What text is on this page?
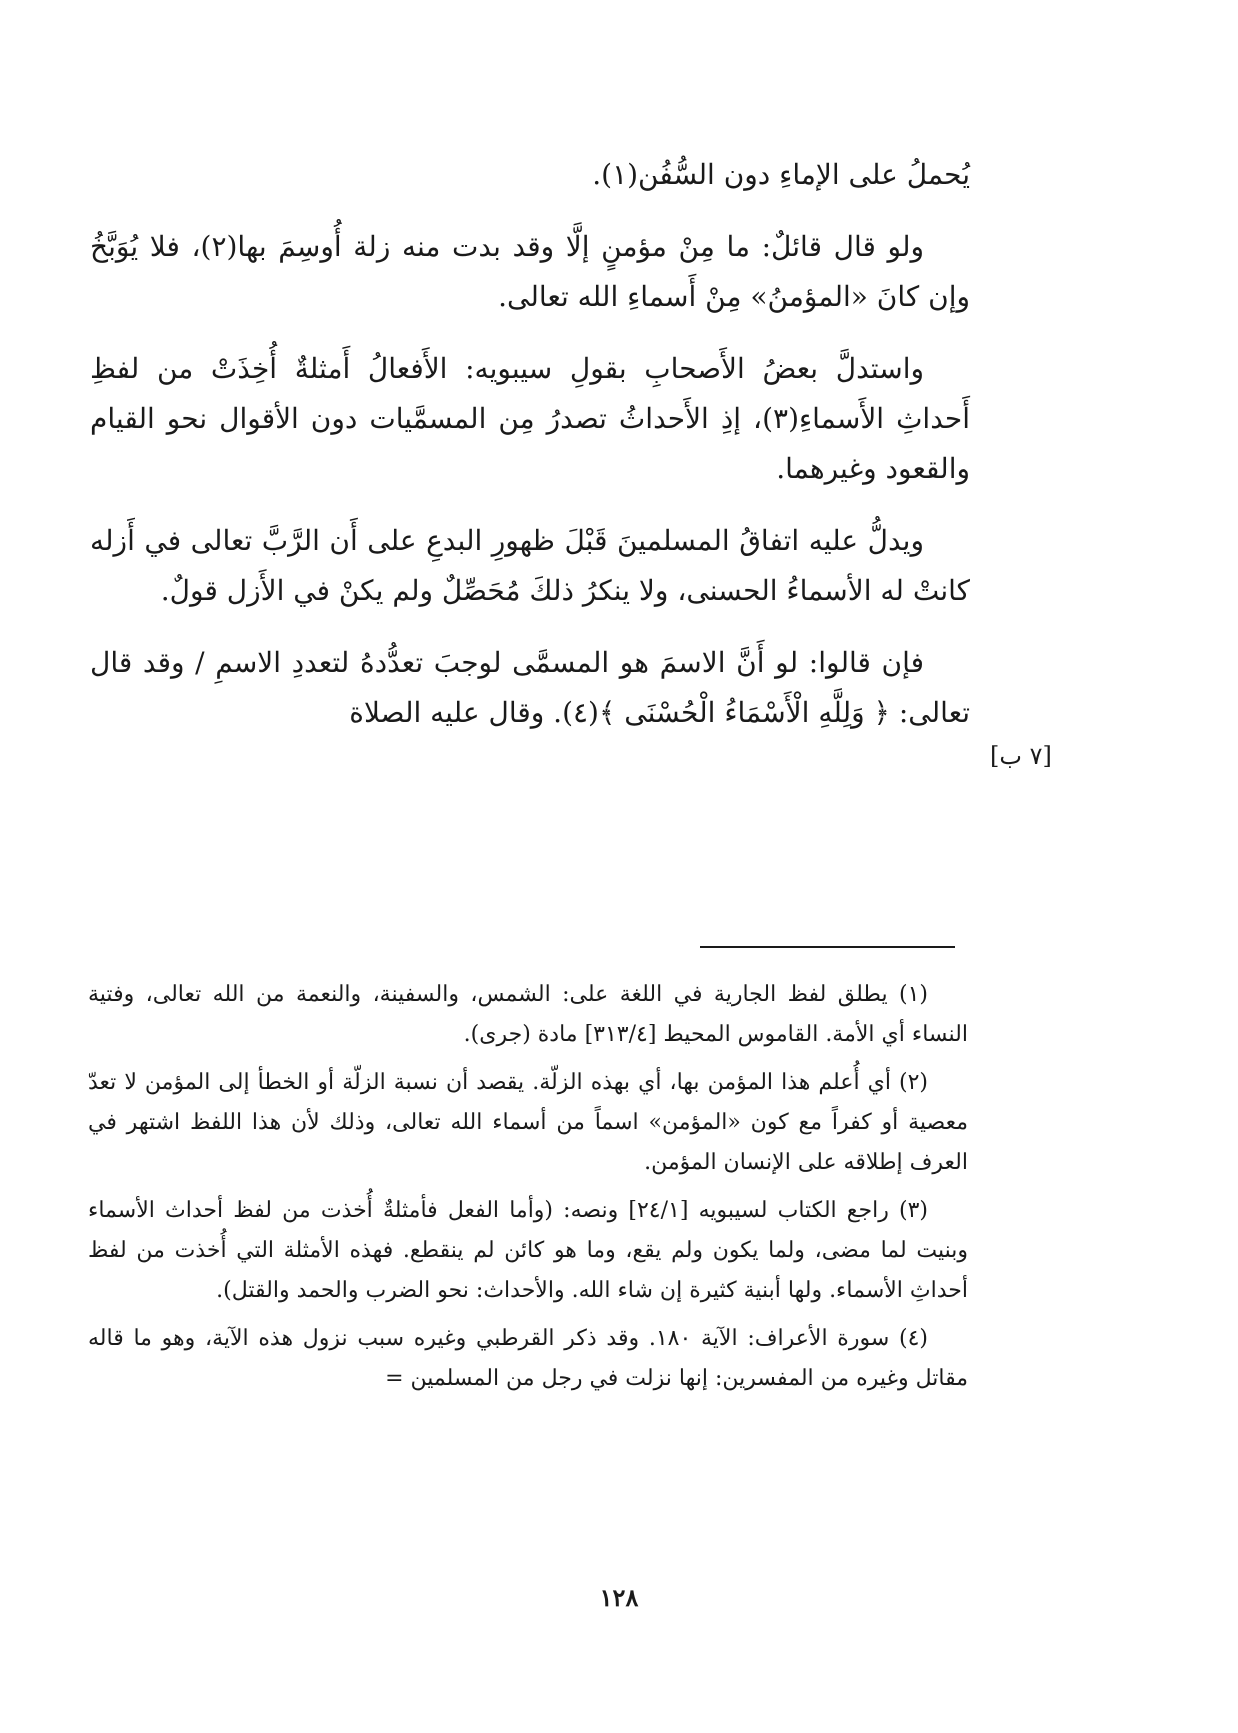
يُحملُ على الإماءِ دون السُّفُن(١).

ولو قال قائلٌ: ما مِنْ مؤمنٍ إلَّا وقد بدت منه زلة أُوسِمَ بها(٢)، فلا يُوَبَّخُ وإن كانَ «المؤمنُ» مِنْ أَسماءِ الله تعالى.

واستدلَّ بعضُ الأَصحابِ بقولِ سيبويه: الأَفعالُ أَمثلةٌ أُخِذَتْ من لفظِ أَحداثِ الأَسماءِ(٣)، إذِ الأَحداثُ تصدرُ مِن المسمَّيات دون الأقوال نحو القيام والقعود وغيرهما.

ويدلُّ عليه اتفاقُ المسلمينَ قَبْلَ ظهورِ البدعِ على أَن الرَّبَّ تعالى في أَزله كانتْ له الأسماءُ الحسنى، ولا ينكرُ ذلكَ مُحَصِّلٌ ولم يكنْ في الأَزل قولٌ.

فإن قالوا: لو أَنَّ الاسمَ هو المسمَّى لوجبَ تعدُّدهُ لتعددِ الاسمِ / وقد قال تعالى: ﴿ وَلِلَّهِ الْأَسْمَاءُ الْحُسْنَى ﴾(٤). وقال عليه الصلاة

[٧ ب]

(١) يطلق لفظ الجارية في اللغة على: الشمس، والسفينة، والنعمة من الله تعالى، وفتية النساء أي الأمة. القاموس المحيط [٣١٣/٤] مادة (جرى).

(٢) أي أُعلم هذا المؤمن بها، أي بهذه الزلّة. يقصد أن نسبة الزلّة أو الخطأ إلى المؤمن لا تعدّ معصية أو كفراً مع كون «المؤمن» اسماً من أسماء الله تعالى، وذلك لأن هذا اللفظ اشتهر في العرف إطلاقه على الإنسان المؤمن.

(٣) راجع الكتاب لسيبويه [٢٤/١] ونصه: (وأما الفعل فأمثلةٌ أُخذت من لفظ أحداث الأسماء وبنيت لما مضى، ولما يكون ولم يقع، وما هو كائن لم ينقطع. فهذه الأمثلة التي أُخذت من لفظ أحداثِ الأسماء. ولها أبنية كثيرة إن شاء الله. والأحداث: نحو الضرب والحمد والقتل).

(٤) سورة الأعراف: الآية ١٨٠. وقد ذكر القرطبي وغيره سبب نزول هذه الآية، وهو ما قاله مقاتل وغيره من المفسرين: إنها نزلت في رجل من المسلمين =

١٢٨
